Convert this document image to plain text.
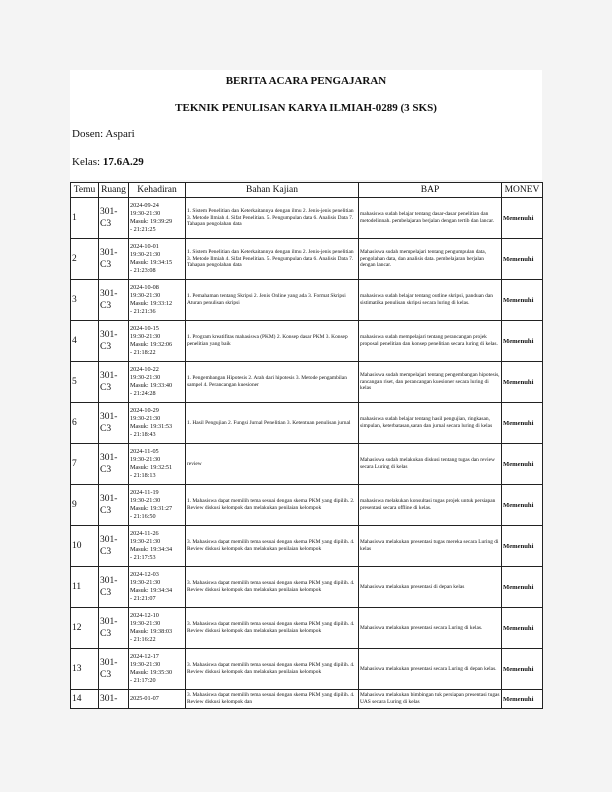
BERITA ACARA PENGAJARAN
TEKNIK PENULISAN KARYA ILMIAH-0289 (3 SKS)
Dosen: Aspari
Kelas: 17.6A.29
Temu	Ruang	Kehadiran	Bahan Kajian	BAP	MONEV
1	301-C3	2024-09-24
19:30-21:30
Masuk: 19:39:29
- 21:21:25	1. Sistem Penelitian dan Keterkaitannya dengan ilmu 2. Jenis-jenis penelitian 3. Metode Ilmiah 4. Sifat Penelitian. 5. Pengumpulan data 6. Analisis Data 7. Tahapan pengolahan data	mahasiswa sudah belajar tentang dasar-dasar penelitian dan metodelinnah. pembelajaran berjalan dengan tertib dan lancar.	Memenuhi
2	301-C3	2024-10-01
19:30-21:30
Masuk: 19:34:15
- 21:23:08	1. Sistem Penelitian dan Keterkaitannya dengan ilmu 2. Jenis-jenis penelitian 3. Metode Ilmiah 4. Sifat Penelitian. 5. Pengumpulan data 6. Analisis Data 7. Tahapan pengolahan data	Mahasiswa sudah mempelajari tentang pengumpulan data, pengolahan data, dan analisis data. pembelajaran berjalan dengan lancar.	Memenuhi
3	301-C3	2024-10-08
19:30-21:30
Masuk: 19:33:12
- 21:21:36	1. Pemahaman tentang Skripsi 2. Jenis Online yang ada 3. Format Skripsi Aturan penulisan skripsi	mahasiswa sudah belajar tentang outline skripsi, panduan dan sistimatika penulisan skripsi secara luring di kelas.	Memenuhi
4	301-C3	2024-10-15
19:30-21:30
Masuk: 19:32:06
- 21:18:22	1. Program kreatifitas mahasiswa (PKM) 2. Konsep dasar PKM 3. Konsep penelitian yang baik	mahasiswa sudah mempelajari tentang perancangan projek proposal penelitian dan konsep penelitian secara luring di kelas.	Memenuhi
5	301-C3	2024-10-22
19:30-21:30
Masuk: 19:33:40
- 21:24:28	1. Pengembangan Hipotesis 2. Arah dari hipotesis 3. Metode pengambilan sampel 4. Perancangan kuesioner	Mahasiswa sudah mempelajari tentang pengembangan hipotesis, rancangan riset, dan perancangan kuesioner secara luring di kelas	Memenuhi
6	301-C3	2024-10-29
19:30-21:30
Masuk: 19:31:53
- 21:18:43	1. Hasil Pengujian 2. Fungsi Jurnal Penelitian 3. Ketentuan penulisan jurnal	mahasiswa sudah belajar tentang hasil pengujian, ringkasan, simpulan, keterbatasan,saran dan jurnal secara luring di kelas	Memenuhi
7	301-C3	2024-11-05
19:30-21:30
Masuk: 19:32:51
- 21:18:13	review	Mahasiswa sudah melakukan diskusi tentang tugas dan review secara Luring di kelas	Memenuhi
9	301-C3	2024-11-19
19:30-21:30
Masuk: 19:31:27
- 21:16:50	1. Mahasiswa dapat memilih tema sesuai dengan skema PKM yang dipilih. 2. Review diskusi kelompok dan melakukan penilaian kelompok	mahasiswa melakukan konsultasi tugas projek untuk persiapan presentasi secara offline di kelas.	Memenuhi
10	301-C3	2024-11-26
19:30-21:30
Masuk: 19:34:34
- 21:17:53	3. Mahasiswa dapat memilih tema sesuai dengan skema PKM yang dipilih. 4. Review diskusi kelompok dan melakukan penilaian kelompok	Mahasiswa melakukan presentasi tugas mereka secara Luring di kelas	Memenuhi
11	301-C3	2024-12-03
19:30-21:30
Masuk: 19:34:34
- 21:21:07	3. Mahasiswa dapat memilih tema sesuai dengan skema PKM yang dipilih. 4. Review diskusi kelompok dan melakukan penilaian kelompok	Mahasiswa melakukan presentasi di depan kelas	Memenuhi
12	301-C3	2024-12-10
19:30-21:30
Masuk: 19:38:03
- 21:16:22	3. Mahasiswa dapat memilih tema sesuai dengan skema PKM yang dipilih. 4. Review diskusi kelompok dan melakukan penilaian kelompok	Mahasiswa melakukan presentasi secara Luring di kelas.	Memenuhi
13	301-C3	2024-12-17
19:30-21:30
Masuk: 19:35:30
- 21:17:20	3. Mahasiswa dapat memilih tema sesuai dengan skema PKM yang dipilih. 4. Review diskusi kelompok dan melakukan penilaian kelompok	Mahasiswa melakukan presentasi secara Luring di depan kelas.	Memenuhi
14	301-	2025-01-07	3. Mahasiswa dapat memilih tema sesuai dengan skema PKM yang dipilih. 4. Review diskusi kelompok dan	Mahasiswa melakukan bimbingan tuk persiapan presentasi tugas UAS secara Luring di kelas	Memenuhi
